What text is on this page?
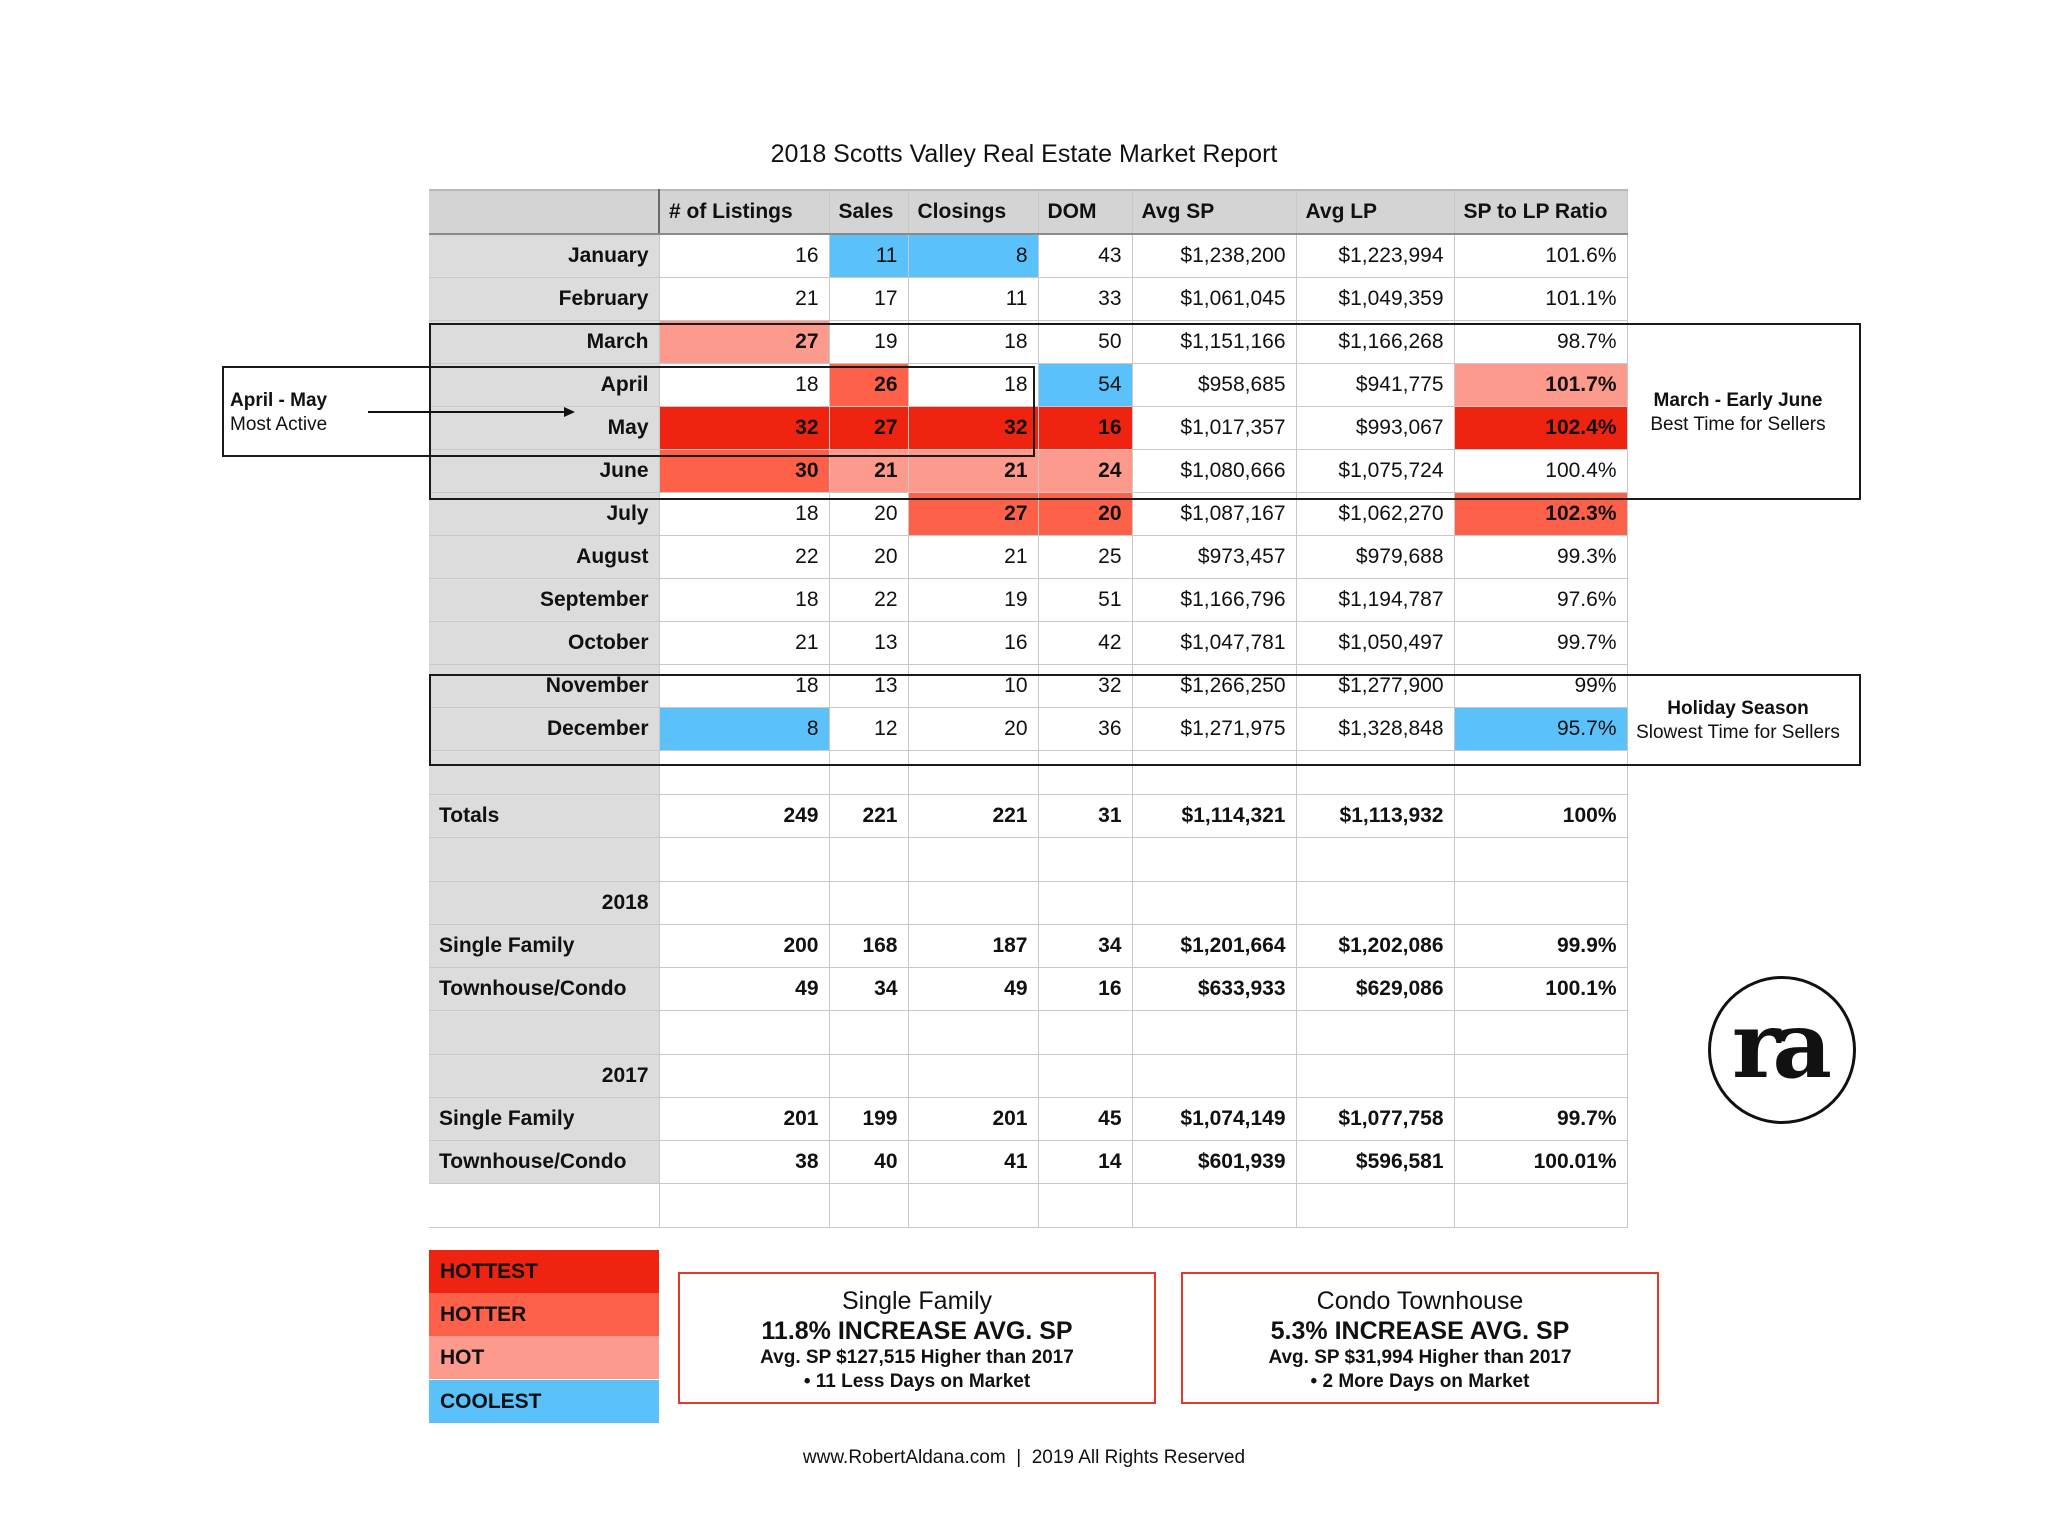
2018 Scotts Valley Real Estate Market Report
	# of Listings	Sales	Closings	DOM	Avg SP	Avg LP	SP to LP Ratio
January	16	11	8	43	$1,238,200	$1,223,994	101.6%
February	21	17	11	33	$1,061,045	$1,049,359	101.1%
March	27	19	18	50	$1,151,166	$1,166,268	98.7%
April	18	26	18	54	$958,685	$941,775	101.7%
May	32	27	32	16	$1,017,357	$993,067	102.4%
June	30	21	21	24	$1,080,666	$1,075,724	100.4%
July	18	20	27	20	$1,087,167	$1,062,270	102.3%
August	22	20	21	25	$973,457	$979,688	99.3%
September	18	22	19	51	$1,166,796	$1,194,787	97.6%
October	21	13	16	42	$1,047,781	$1,050,497	99.7%
November	18	13	10	32	$1,266,250	$1,277,900	99%
December	8	12	20	36	$1,271,975	$1,328,848	95.7%

Totals	249	221	221	31	$1,114,321	$1,113,932	100%

2018							
Single Family	200	168	187	34	$1,201,664	$1,202,086	99.9%
Townhouse/Condo	49	34	49	16	$633,933	$629,086	100.1%

2017							
Single Family	201	199	201	45	$1,074,149	$1,077,758	99.7%
Townhouse/Condo	38	40	41	14	$601,939	$596,581	100.01%

April - May
Most Active
March - Early June
Best Time for Sellers
Holiday Season
Slowest Time for Sellers
HOTTEST
HOTTER
HOT
COOLEST
Single Family
11.8% INCREASE AVG. SP
Avg. SP $127,515 Higher than 2017
• 11 Less Days on Market
Condo Townhouse
5.3% INCREASE AVG. SP
Avg. SP $31,994 Higher than 2017
• 2 More Days on Market
ra
www.RobertAldana.com  |  2019 All Rights Reserved
